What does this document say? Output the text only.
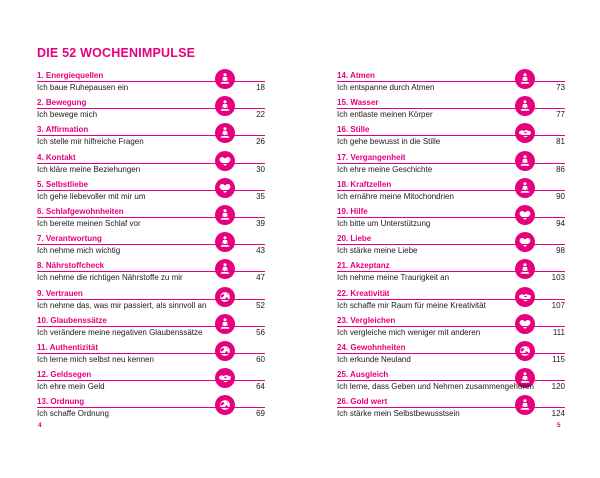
DIE 52 WOCHENIMPULSE
1. Energiequellen
Ich baue Ruhepausen ein	18
2. Bewegung
Ich bewege mich	22
3. Affirmation
Ich stelle mir hilfreiche Fragen	26
4. Kontakt
Ich kläre meine Beziehungen	30
5. Selbstliebe
Ich gehe liebevoller mit mir um	35
6. Schlafgewohnheiten
Ich bereite meinen Schlaf vor	39
7. Verantwortung
Ich nehme mich wichtig	43
8. Nährstoffcheck
Ich nehme die richtigen Nährstoffe zu mir	47
9. Vertrauen
Ich nehme das, was mir passiert, als sinnvoll an	52
10. Glaubenssätze
Ich verändere meine negativen Glaubenssätze	56
11. Authentizität
Ich lerne mich selbst neu kennen	60
12. Geldsegen
Ich ehre mein Geld	64
13. Ordnung
Ich schaffe Ordnung	69
14. Atmen
Ich entspanne durch Atmen	73
15. Wasser
Ich entlaste meinen Körper	77
16. Stille
Ich gehe bewusst in die Stille	81
17. Vergangenheit
Ich ehre meine Geschichte	86
18. Kraftzellen
Ich ernähre meine Mitochondrien	90
19. Hilfe
Ich bitte um Unterstützung	94
20. Liebe
Ich stärke meine Liebe	98
21. Akzeptanz
Ich nehme meine Traurigkeit an	103
22. Kreativität
Ich schaffe mir Raum für meine Kreativität	107
23. Vergleichen
Ich vergleiche mich weniger mit anderen	111
24. Gewohnheiten
Ich erkunde Neuland	115
25. Ausgleich
Ich lerne, dass Geben und Nehmen zusammengehören 120
26. Gold wert
Ich stärke mein Selbstbewusstsein	124
4	5
